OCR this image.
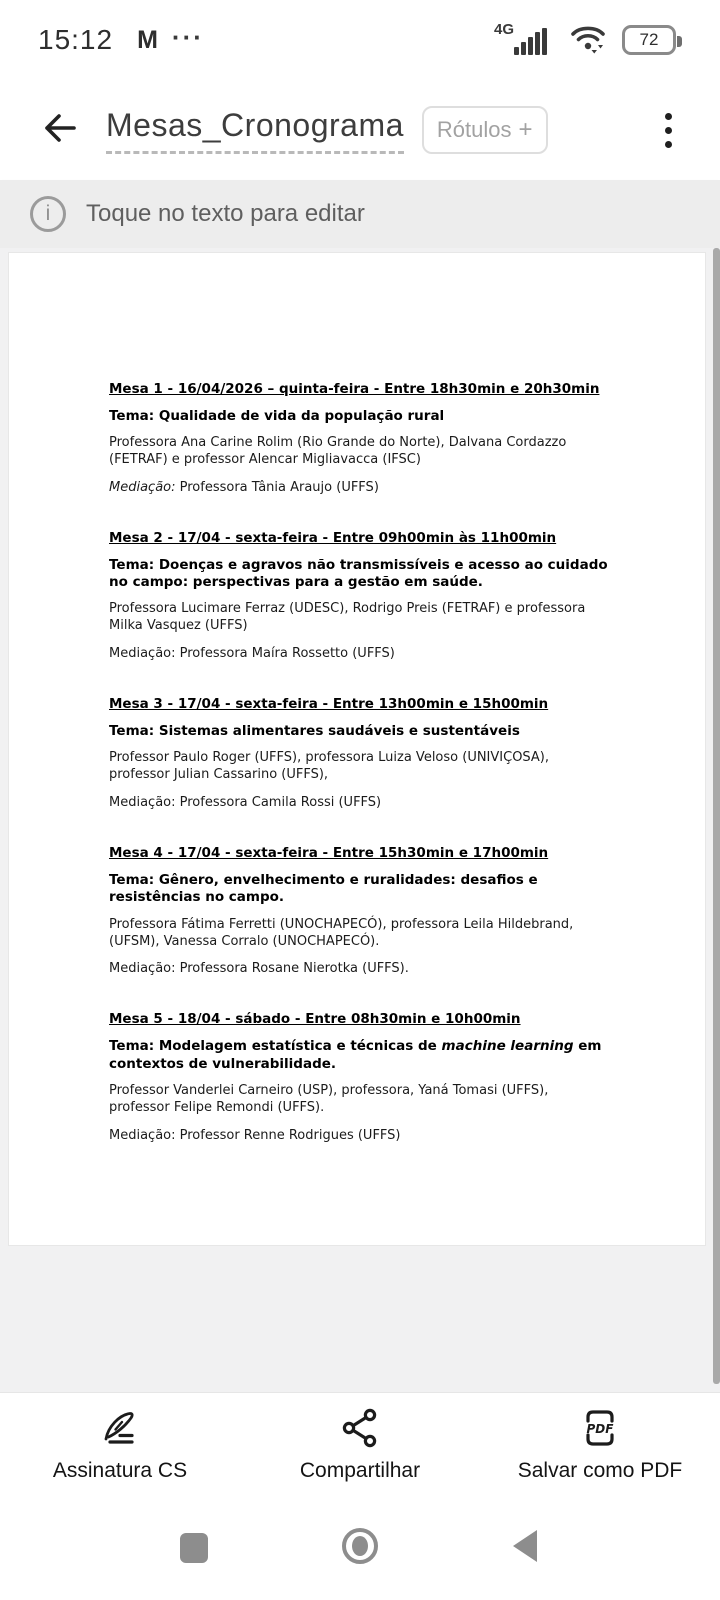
15:12 M ···	4G
72
Mesas_Cronograma Rótulos +
i	Toque no texto para editar
Mesa 1 - 16/04/2026 – quinta-feira - Entre 18h30min e 20h30min

Tema: Qualidade de vida da população rural

Professora Ana Carine Rolim (Rio Grande do Norte), Dalvana Cordazzo (FETRAF) e professor Alencar Migliavacca (IFSC)

Mediação: Professora Tânia Araujo (UFFS)

Mesa 2 - 17/04 - sexta-feira - Entre 09h00min às 11h00min

Tema: Doenças e agravos não transmissíveis e acesso ao cuidado no campo: perspectivas para a gestão em saúde.

Professora Lucimare Ferraz (UDESC), Rodrigo Preis (FETRAF) e professora Milka Vasquez (UFFS)

Mediação: Professora Maíra Rossetto (UFFS)

Mesa 3 - 17/04 - sexta-feira - Entre 13h00min e 15h00min

Tema: Sistemas alimentares saudáveis e sustentáveis

Professor Paulo Roger (UFFS), professora Luiza Veloso (UNIVIÇOSA), professor Julian Cassarino (UFFS),

Mediação: Professora Camila Rossi (UFFS)

Mesa 4 - 17/04 - sexta-feira - Entre 15h30min e 17h00min

Tema: Gênero, envelhecimento e ruralidades: desafios e resistências no campo.

Professora Fátima Ferretti (UNOCHAPECÓ), professora Leila Hildebrand, (UFSM), Vanessa Corralo (UNOCHAPECÓ).

Mediação: Professora Rosane Nierotka (UFFS).

Mesa 5 - 18/04 - sábado - Entre 08h30min e 10h00min

Tema: Modelagem estatística e técnicas de machine learning em contextos de vulnerabilidade.

Professor Vanderlei Carneiro (USP), professora, Yaná Tomasi (UFFS), professor Felipe Remondi (UFFS).

Mediação: Professor Renne Rodrigues (UFFS)

Assinatura CS	Compartilhar
PDF
Salvar como PDF
